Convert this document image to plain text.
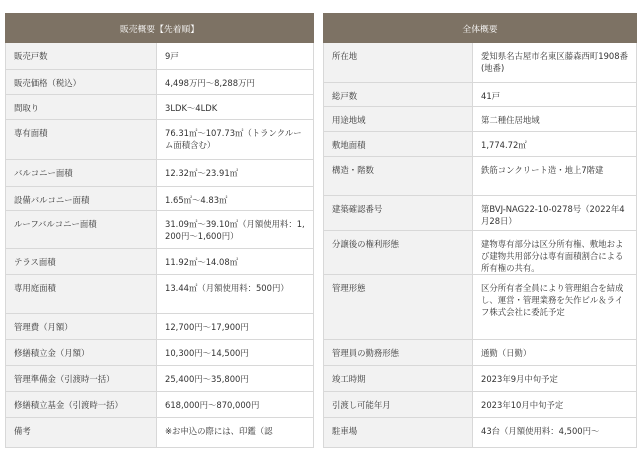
販売概要【先着順】	
販売戸数	9戸
販売価格（税込）	4,498万円～8,288万円
間取り	3LDK～4LDK
専有面積	76.31㎡～107.73㎡（トランクルーム面積含む）
バルコニー面積	12.32㎡～23.91㎡
設備バルコニー面積	1.65㎡～4.83㎡
ルーフバルコニー面積	31.09㎡～39.10㎡（月額使用料：1,200円～1,600円）
テラス面積	11.92㎡～14.08㎡
専用庭面積	13.44㎡（月額使用料：500円）
管理費（月額）	12,700円～17,900円
修繕積立金（月額）	10,300円～14,500円
管理準備金（引渡時一括）	25,400円～35,800円
修繕積立基金（引渡時一括）	618,000円～870,000円
備考	※お申込の際には、印鑑（認
全体概要	
所在地	愛知県名古屋市名東区藤森西町1908番(地番)
総戸数	41戸
用途地域	第二種住居地域
敷地面積	1,774.72㎡
構造・階数	鉄筋コンクリート造・地上7階建
建築確認番号	第BVJ-NAG22-10-0278号（2022年4月28日）
分譲後の権利形態	建物専有部分は区分所有権、敷地および建物共用部分は専有面積割合による所有権の共有。
管理形態	区分所有者全員により管理組合を結成し、運営・管理業務を矢作ビル＆ライフ株式会社に委託予定
管理員の勤務形態	通勤（日勤）
竣工時期	2023年9月中旬予定
引渡し可能年月	2023年10月中旬予定
駐車場	43台（月額使用料：4,500円～
